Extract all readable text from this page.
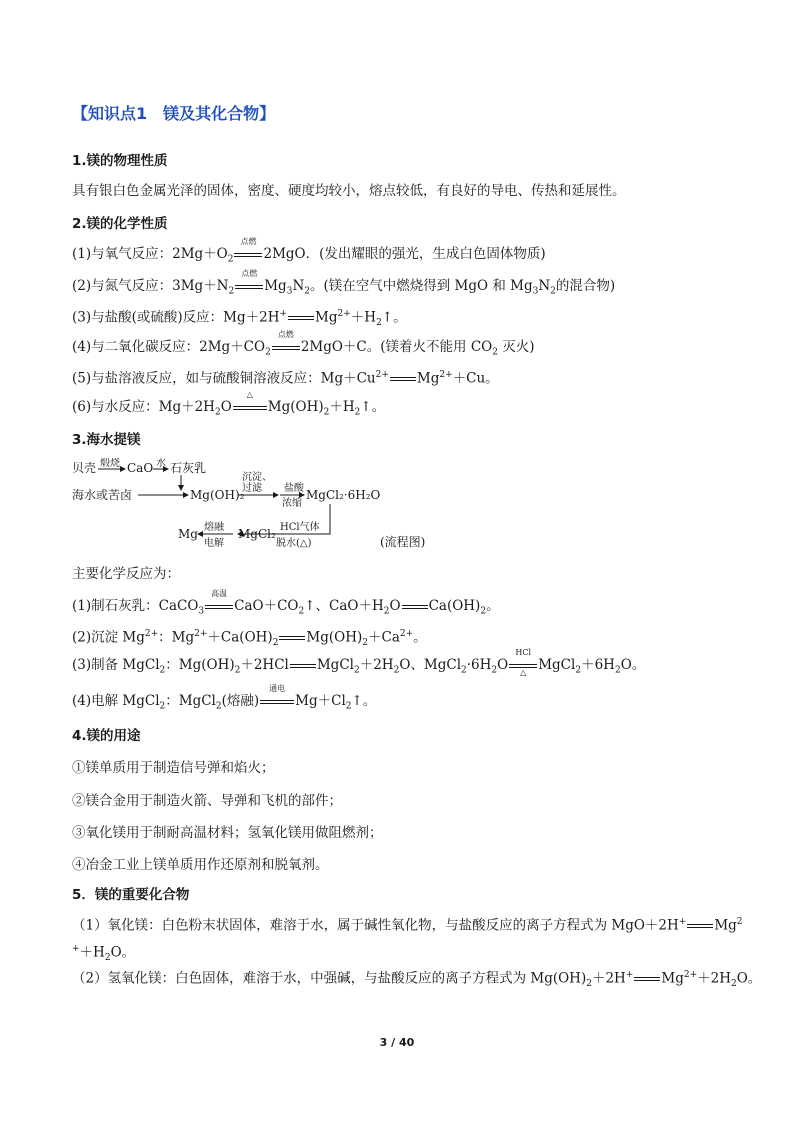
【知识点1　镁及其化合物】
1.镁的物理性质
具有银白色金属光泽的固体，密度、硬度均较小，熔点较低，有良好的导电、传热和延展性。
2.镁的化学性质
(1)与氧气反应：$2Mg+O_2$
点燃
2MgO．(发出耀眼的强光，生成白色固体物质)
(2)与氮气反应：$3Mg+N_2$
点燃
$Mg_3N_2$。(镁在空气中燃烧得到 MgO 和 $Mg_3N_2$的混合物)
(3)与盐酸(或硫酸)反应：Mg＋2H+ $Mg^{2+}+H_2↑$。
(4)与二氧化碳反应：$2Mg+CO_2$
点燃
2MgO＋C。(镁着火不能用 $CO_2$ 灭火)
(5)与盐溶液反应，如与硫酸铜溶液反应：$Mg+Cu^{2+}$ $Mg^{2+}+Cu$。
(6)与水反应：$Mg+2H_2O$
△
$Mg(OH)_2+H_2↑$。
3.海水提镁
贝壳 煅烧 CaO 水 石灰乳
海水或苦卤	Mg(OH)₂
沉淀、
过滤 盐酸
浓缩
MgCl₂·6H₂O
Mg 熔融
电解
MgCl₂ HCl气体
脱水(△)	(流程图)
主要化学反应为：
(1)制石灰乳：CaCO$_3$
高温
$CaO+CO_2↑$、$CaO+H_2O$ $Ca(OH)_2$。
(2)沉淀 $Mg^{2+}$：$Mg^{2+}+Ca(OH)_2$ $Mg(OH)_2+Ca^{2+}$。
(3)制备 MgCl$_2$：$Mg(OH)_2+2HCl$ $MgCl_2+2H_2O$、$MgCl_2\cdot 6H_2O$
HCl
△ $MgCl_2+6H_2O$。
(4)电解 MgCl$_2$：MgCl$_2$(熔融)
通电
$Mg+Cl_2↑$。
4.镁的用途
①镁单质用于制造信号弹和焰火；
②镁合金用于制造火箭、导弹和飞机的部件；
③氧化镁用于制耐高温材料；氢氧化镁用做阻燃剂；
④冶金工业上镁单质用作还原剂和脱氧剂。
5．镁的重要化合物
（1）氧化镁：白色粉末状固体，难溶于水，属于碱性氧化物，与盐酸反应的离子方程式为 MgO＋2H+ Mg$^2$
$^++H_2O$。
（2）氢氧化镁：白色固体，难溶于水，中强碱，与盐酸反应的离子方程式为 $Mg(OH)_2+2H^+$ $Mg^{2+}+2H_2O$。
3 / 40
